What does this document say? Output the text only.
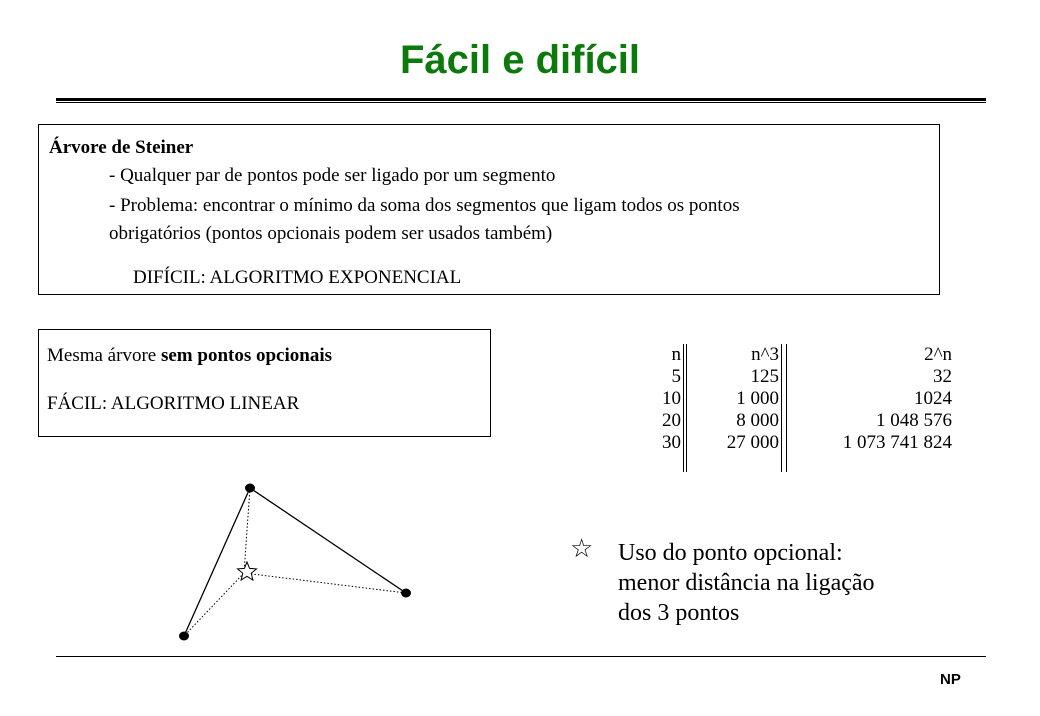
Fácil e difícil
Árvore de Steiner
- Qualquer par de pontos pode ser ligado por um segmento
- Problema: encontrar o mínimo da soma dos segmentos que ligam todos os pontos
obrigatórios (pontos opcionais podem ser usados também)
DIFÍCIL: ALGORITMO EXPONENCIAL
Mesma árvore sem pontos opcionais
FÁCIL: ALGORITMO LINEAR
n
5
10
20
30
n^3
125
1 000
8 000
27 000
2^n
32
1024
1 048 576
1 073 741 824
☆ Uso do ponto opcional:
menor distância na ligação
dos 3 pontos
NP
